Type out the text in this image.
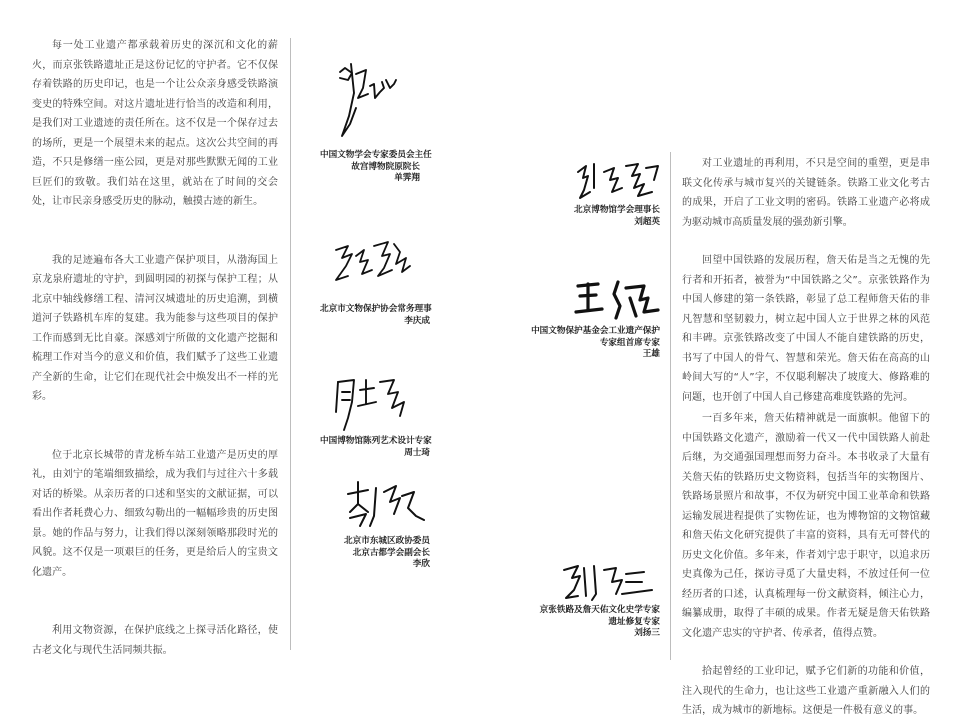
每一处工业遗产都承载着历史的深沉和文化的薪火，而京张铁路遗址正是这份记忆的守护者。它不仅保存着铁路的历史印记，也是一个让公众亲身感受铁路演变史的特殊空间。对这片遗址进行恰当的改造和利用，是我们对工业遗迹的责任所在。这不仅是一个保存过去的场所，更是一个展望未来的起点。这次公共空间的再造，不只是修缮一座公园，更是对那些默默无闻的工业巨匠们的致敬。我们站在这里，就站在了时间的交会处，让市民亲身感受历史的脉动，触摸古迹的新生。

我的足迹遍布各大工业遗产保护项目，从渤海国上京龙泉府遗址的守护，到圆明园的初探与保护工程；从北京中轴线修缮工程、清河汉城遗址的历史追溯，到横道河子铁路机车库的复建。我为能参与这些项目的保护工作而感到无比自豪。深感刘宁所做的文化遗产挖掘和梳理工作对当今的意义和价值，我们赋予了这些工业遗产全新的生命，让它们在现代社会中焕发出不一样的光彩。

位于北京长城带的青龙桥车站工业遗产是历史的厚礼，由刘宁的笔端细致描绘，成为我们与过往六十多载对话的桥梁。从亲历者的口述和坚实的文献证据，可以看出作者耗费心力、细致勾勒出的一幅幅珍贵的历史图景。她的作品与努力，让我们得以深刻领略那段时光的风貌。这不仅是一项艰巨的任务，更是给后人的宝贵文化遗产。

利用文物资源，在保护底线之上探寻活化路径，使古老文化与现代生活同频共振。

中国文物学会专家委员会主任
故宫博物院原院长
单霁翔
北京博物馆学会理事长
刘超英
北京市文物保护协会常务理事
李庆成
中国文物保护基金会工业遗产保护
专家组首席专家
王雄
中国博物馆陈列艺术设计专家
周士琦
北京市东城区政协委员
北京古都学会副会长
李欣
京张铁路及詹天佑文化史学专家
遗址修复专家
刘扬三

对工业遗址的再利用，不只是空间的重塑，更是串联文化传承与城市复兴的关键链条。铁路工业文化考古的成果，开启了工业文明的密码。铁路工业遗产必将成为驱动城市高质量发展的强劲新引擎。

回望中国铁路的发展历程，詹天佑是当之无愧的先行者和开拓者，被誉为“中国铁路之父”。京张铁路作为中国人修建的第一条铁路，彰显了总工程师詹天佑的非凡智慧和坚韧毅力，树立起中国人立于世界之林的风范和丰碑。京张铁路改变了中国人不能自建铁路的历史，书写了中国人的骨气、智慧和荣光。詹天佑在高高的山岭间大写的“人”字，不仅聪利解决了坡度大、修路难的问题，也开创了中国人自己修建高难度铁路的先河。

一百多年来，詹天佑精神就是一面旗帜。他留下的中国铁路文化遗产，激励着一代又一代中国铁路人前赴后继，为交通强国理想而努力奋斗。本书收录了大量有关詹天佑的铁路历史文物资料，包括当年的实物图片、铁路场景照片和故事，不仅为研究中国工业革命和铁路运输发展进程提供了实物佐证，也为博物馆的文物馆藏和詹天佑文化研究提供了丰富的资料，具有无可替代的历史文化价值。多年来，作者刘宁忠于职守，以追求历史真像为己任，探访寻觅了大量史料，不放过任何一位经历者的口述，认真梳理每一份文献资料，倾注心力，编纂成册，取得了丰硕的成果。作者无疑是詹天佑铁路文化遗产忠实的守护者、传承者，值得点赞。

拾起曾经的工业印记，赋予它们新的功能和价值，注入现代的生命力，也让这些工业遗产重新融入人们的生活，成为城市的新地标。这便是一件极有意义的事。
